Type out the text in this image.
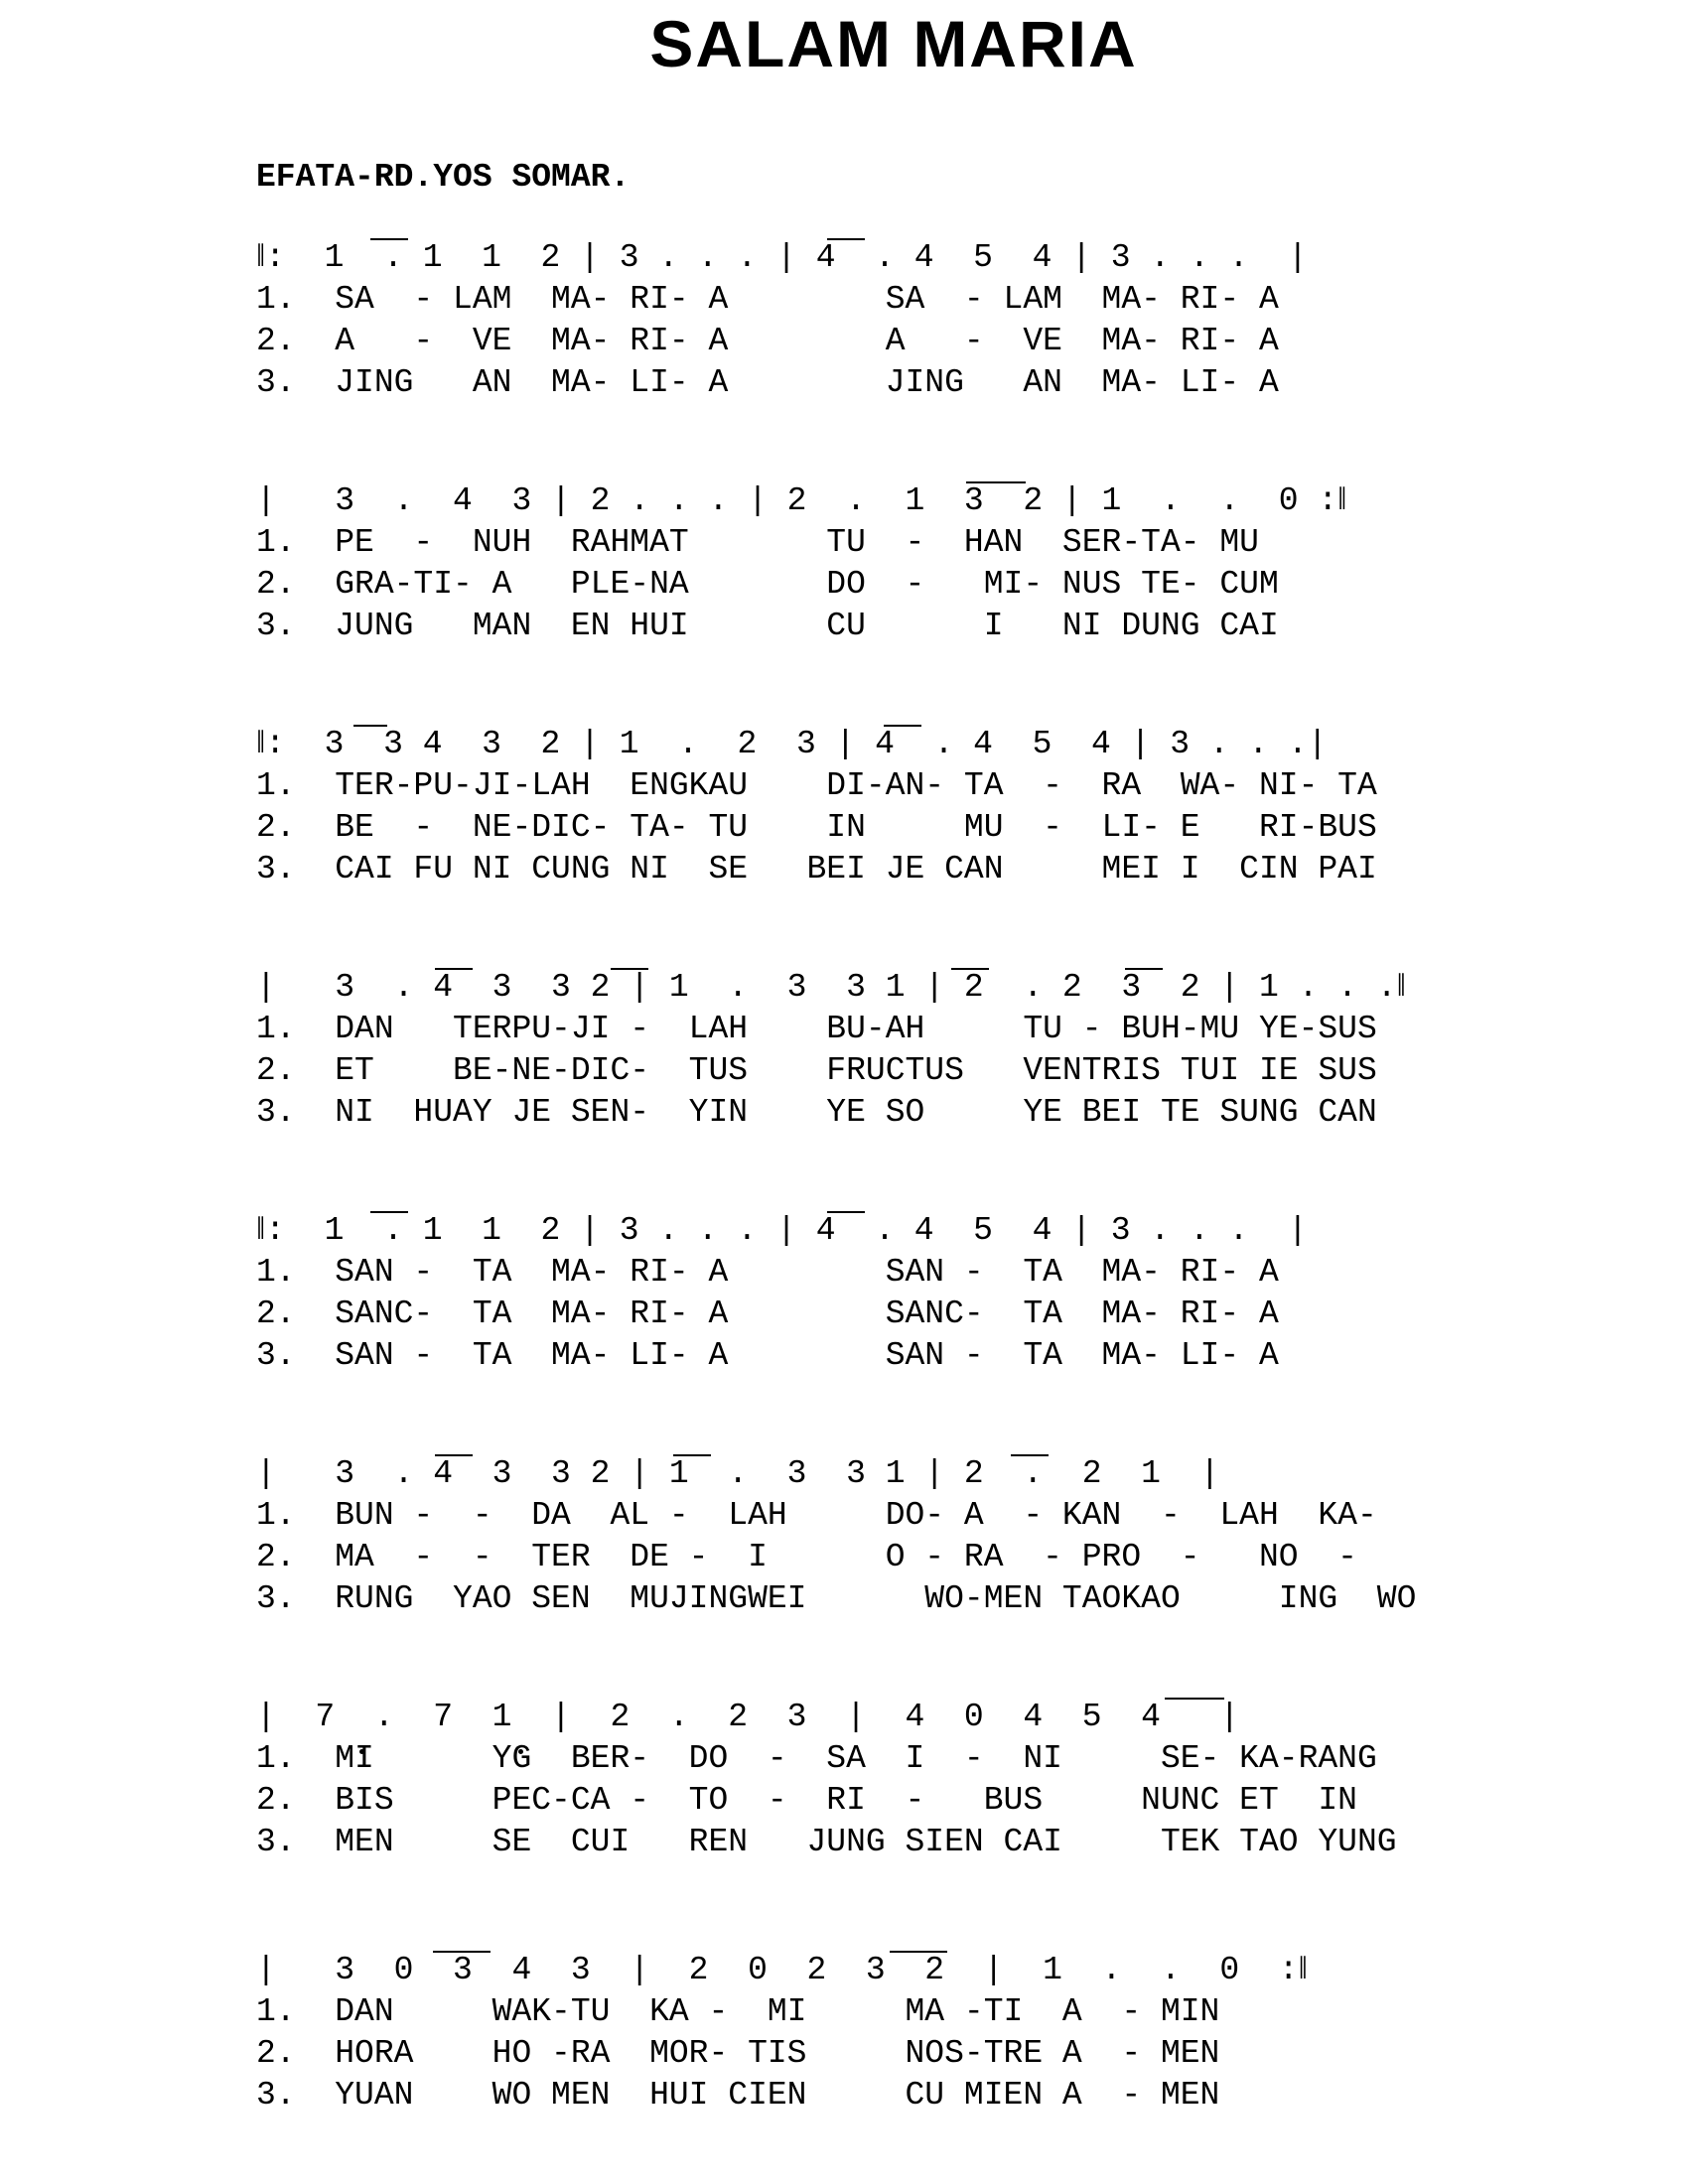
SALAM MARIA
EFATA-RD.YOS SOMAR.
‖:  1  . 1  1  2 | 3 . . . | 4  . 4  5  4 | 3 . . .  |
1.  SA  - LAM  MA- RI- A        SA  - LAM  MA- RI- A
2.  A   -  VE  MA- RI- A        A   -  VE  MA- RI- A
3.  JING   AN  MA- LI- A        JING   AN  MA- LI- A
|   3  .  4  3 | 2 . . . | 2  .  1  3  2 | 1  .  .  0 :‖
1.  PE  -  NUH  RAHMAT       TU  -  HAN  SER-TA- MU
2.  GRA-TI- A   PLE-NA       DO  -   MI- NUS TE- CUM
3.  JUNG   MAN  EN HUI       CU      I   NI DUNG CAI
‖:  3  3 4  3  2 | 1  .  2  3 | 4  . 4  5  4 | 3 . . .|
1.  TER-PU-JI-LAH  ENGKAU    DI-AN- TA  -  RA  WA- NI- TA
2.  BE  -  NE-DIC- TA- TU    IN     MU  -  LI- E   RI-BUS
3.  CAI FU NI CUNG NI  SE   BEI JE CAN     MEI I  CIN PAI
|   3  . 4  3  3 2 | 1  .  3  3 1 | 2  . 2  3  2 | 1 . . .‖
1.  DAN   TERPU-JI -  LAH    BU-AH     TU - BUH-MU YE-SUS
2.  ET    BE-NE-DIC-  TUS    FRUCTUS   VENTRIS TUI IE SUS
3.  NI  HUAY JE SEN-  YIN    YE SO     YE BEI TE SUNG CAN
‖:  1  . 1  1  2 | 3 . . . | 4  . 4  5  4 | 3 . . .  |
1.  SAN -  TA  MA- RI- A        SAN -  TA  MA- RI- A
2.  SANC-  TA  MA- RI- A        SANC-  TA  MA- RI- A
3.  SAN -  TA  MA- LI- A        SAN -  TA  MA- LI- A
|   3  . 4  3  3 2 | 1  .  3  3 1 | 2  .  2  1  |
1.  BUN -  -  DA  AL -  LAH     DO- A  - KAN  -  LAH  KA-
2.  MA  -  -  TER  DE -  I      O - RA  - PRO  -   NO  -
3.  RUNG  YAO SEN  MUJINGWEI      WO-MEN TAOKAO     ING  WO
|  7  .  7  1  |  2  .  2  3  |  4  0  4  5  4   |
1.  MI      YG  BER-  DO  -  SA  I  -  NI     SE- KA-RANG
2.  BIS     PEC-CA -  TO  -  RI  -   BUS     NUNC ET  IN
3.  MEN     SE  CUI   REN   JUNG SIEN CAI     TEK TAO YUNG
|   3  0  3  4  3  |  2  0  2  3  2  |  1  .  .  0  :‖
1.  DAN     WAK-TU  KA -  MI     MA -TI  A  - MIN
2.  HORA    HO -RA  MOR- TIS     NOS-TRE A  - MEN
3.  YUAN    WO MEN  HUI CIEN     CU MIEN A  - MEN
